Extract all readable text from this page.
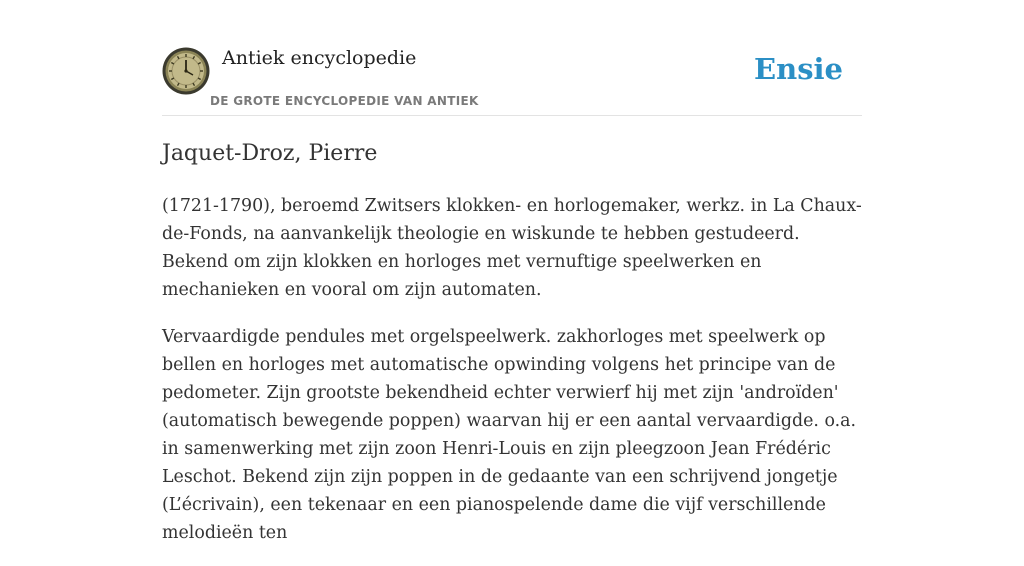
Antiek encyclopedie
DE GROTE ENCYCLOPEDIE VAN ANTIEK
Ensie
Jaquet-Droz, Pierre

(1721-1790), beroemd Zwitsers klokken- en horlogemaker, werkz. in La Chaux-de-Fonds, na aanvankelijk theologie en wiskunde te hebben gestudeerd. Bekend om zijn klokken en horloges met vernuftige speelwerken en mechanieken en vooral om zijn automaten.

Vervaardigde pendules met orgelspeelwerk. zakhorloges met speelwerk op bellen en horloges met automatische opwinding volgens het principe van de pedometer. Zijn grootste bekendheid echter verwierf hij met zijn 'androïden' (automatisch bewegende poppen) waarvan hij er een aantal vervaardigde. o.a. in samenwerking met zijn zoon Henri-Louis en zijn pleegzoon Jean Frédéric Leschot. Bekend zijn zijn poppen in de gedaante van een schrijvend jongetje (L’écrivain), een tekenaar en een pianospelende dame die vijf verschillende melodieën ten
